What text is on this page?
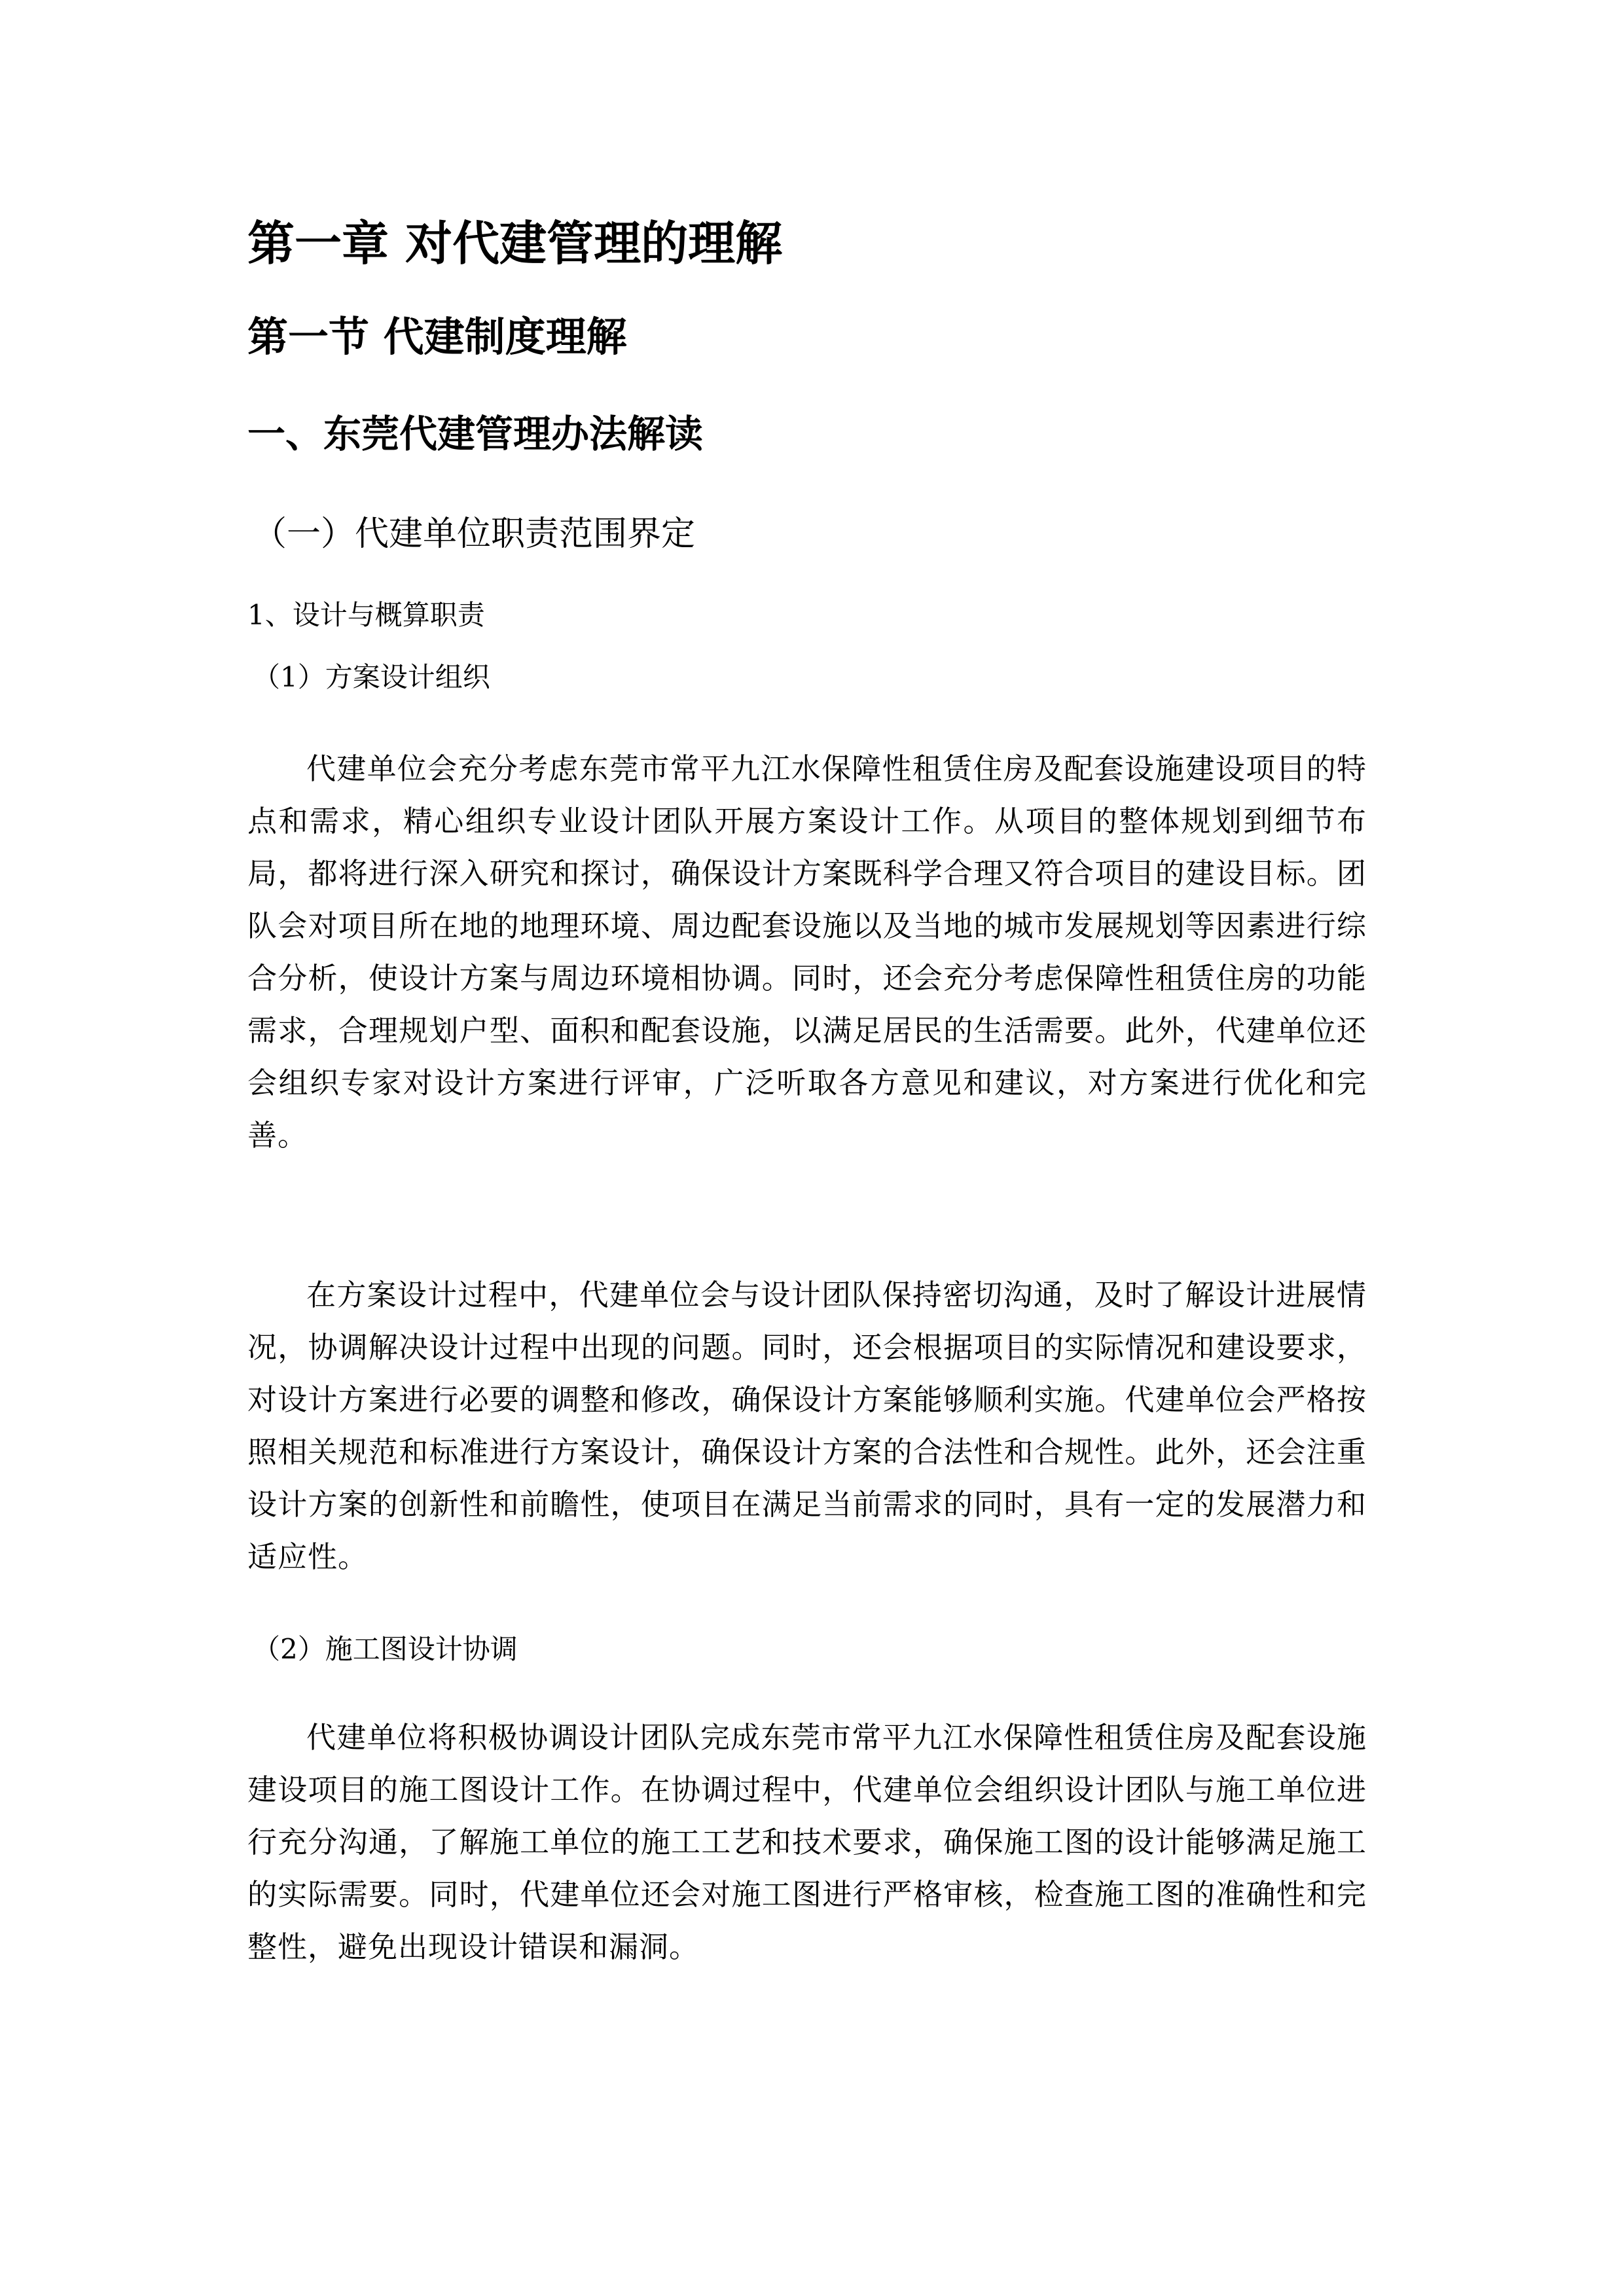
第一章 对代建管理的理解
第一节 代建制度理解
一、东莞代建管理办法解读
（一）代建单位职责范围界定
1、设计与概算职责
（1）方案设计组织

代建单位会充分考虑东莞市常平九江水保障性租赁住房及配套设施建设项目的特点和需求，精心组织专业设计团队开展方案设计工作。从项目的整体规划到细节布局，都将进行深入研究和探讨，确保设计方案既科学合理又符合项目的建设目标。团队会对项目所在地的地理环境、周边配套设施以及当地的城市发展规划等因素进行综合分析，使设计方案与周边环境相协调。同时，还会充分考虑保障性租赁住房的功能需求，合理规划户型、面积和配套设施，以满足居民的生活需要。此外，代建单位还会组织专家对设计方案进行评审，广泛听取各方意见和建议，对方案进行优化和完善。

在方案设计过程中，代建单位会与设计团队保持密切沟通，及时了解设计进展情况，协调解决设计过程中出现的问题。同时，还会根据项目的实际情况和建设要求，对设计方案进行必要的调整和修改，确保设计方案能够顺利实施。代建单位会严格按照相关规范和标准进行方案设计，确保设计方案的合法性和合规性。此外，还会注重设计方案的创新性和前瞻性，使项目在满足当前需求的同时，具有一定的发展潜力和适应性。

（2）施工图设计协调

代建单位将积极协调设计团队完成东莞市常平九江水保障性租赁住房及配套设施建设项目的施工图设计工作。在协调过程中，代建单位会组织设计团队与施工单位进行充分沟通，了解施工单位的施工工艺和技术要求，确保施工图的设计能够满足施工的实际需要。同时，代建单位还会对施工图进行严格审核，检查施工图的准确性和完整性，避免出现设计错误和漏洞。
